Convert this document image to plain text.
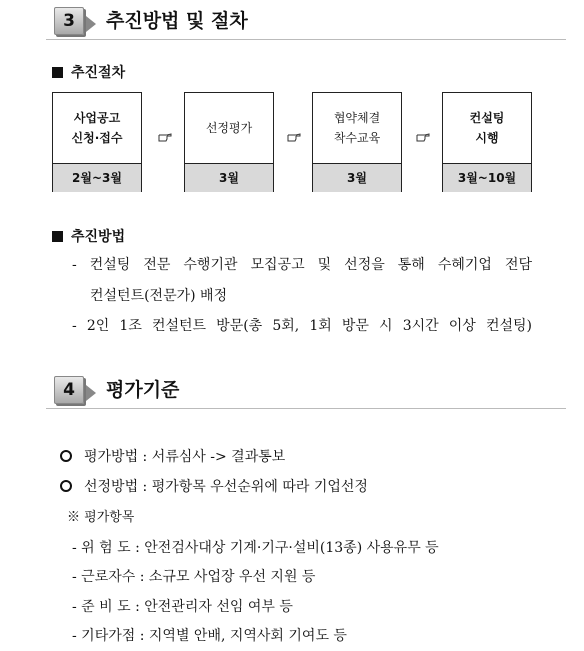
3	추진방법 및 절차
추진절차
사업공고
신청·접수
2월~3월
선정평가
3월
협약체결
착수교육
3월
컨설팅
시행
3월~10월
추진방법
- 컨설팅 전문 수행기관 모집공고 및 선정을 통해 수혜기업 전담
컨설턴트(전문가) 배정
- 2인 1조 컨설턴트 방문(총 5회, 1회 방문 시 3시간 이상 컨설팅)
4	평가기준
평가방법 : 서류심사 -> 결과통보
선정방법 : 평가항목 우선순위에 따라 기업선정
※ 평가항목
- 위 험 도 : 안전검사대상 기계·기구·설비(13종) 사용유무 등
- 근로자수 : 소규모 사업장 우선 지원 등
- 준 비 도 : 안전관리자 선임 여부 등
- 기타가점 : 지역별 안배, 지역사회 기여도 등
